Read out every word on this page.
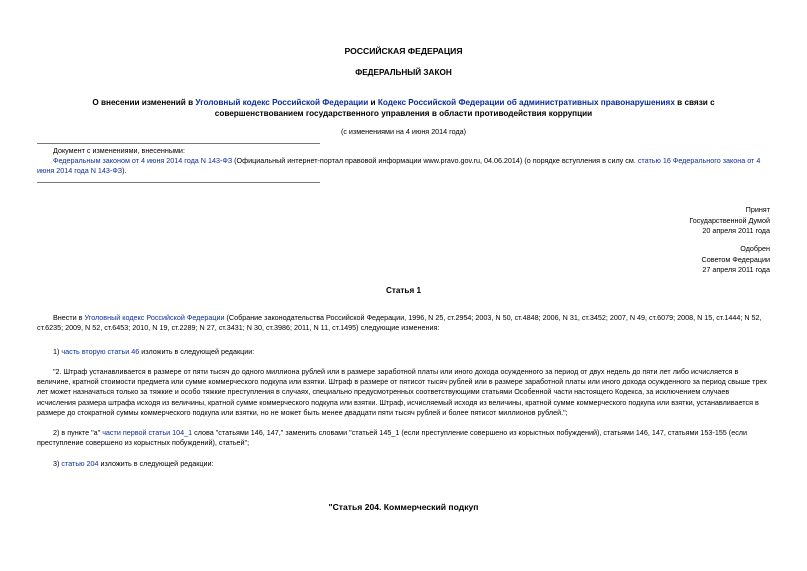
РОССИЙСКАЯ ФЕДЕРАЦИЯ
ФЕДЕРАЛЬНЫЙ ЗАКОН
О внесении изменений в Уголовный кодекс Российской Федерации и Кодекс Российской Федерации об административных правонарушениях в связи с совершенствованием государственного управления в области противодействия коррупции
(с изменениями на 4 июня 2014 года)
Документ с изменениями, внесенными:
Федеральным законом от 4 июня 2014 года N 143-ФЗ (Официальный интернет-портал правовой информации www.pravo.gov.ru, 04.06.2014) (о порядке вступления в силу см. статью 16 Федерального закона от 4 июня 2014 года N 143-ФЗ).
Принят
Государственной Думой
20 апреля 2011 года
Одобрен
Советом Федерации
27 апреля 2011 года
Статья 1
Внести в Уголовный кодекс Российской Федерации (Собрание законодательства Российской Федерации, 1996, N 25, ст.2954; 2003, N 50, ст.4848; 2006, N 31, ст.3452; 2007, N 49, ст.6079; 2008, N 15, ст.1444; N 52, ст.6235; 2009, N 52, ст.6453; 2010, N 19, ст.2289; N 27, ст.3431; N 30, ст.3986; 2011, N 11, ст.1495) следующие изменения:
1) часть вторую статьи 46 изложить в следующей редакции:
"2. Штраф устанавливается в размере от пяти тысяч до одного миллиона рублей или в размере заработной платы или иного дохода осужденного за период от двух недель до пяти лет либо исчисляется в величине, кратной стоимости предмета или сумме коммерческого подкупа или взятки. Штраф в размере от пятисот тысяч рублей или в размере заработной платы или иного дохода осужденного за период свыше трех лет может назначаться только за тяжкие и особо тяжкие преступления в случаях, специально предусмотренных соответствующими статьями Особенной части настоящего Кодекса, за исключением случаев исчисления размера штрафа исходя из величины, кратной сумме коммерческого подкупа или взятки. Штраф, исчисляемый исходя из величины, кратной сумме коммерческого подкупа или взятки, устанавливается в размере до стократной суммы коммерческого подкупа или взятки, но не может быть менее двадцати пяти тысяч рублей и более пятисот миллионов рублей.";
2) в пункте "а" части первой статьи 104_1 слова "статьями 146, 147," заменить словами "статьей 145_1 (если преступление совершено из корыстных побуждений), статьями 146, 147, статьями 153-155 (если преступление совершено из корыстных побуждений), статьей";
3) статью 204 изложить в следующей редакции:
"Статья 204. Коммерческий подкуп
